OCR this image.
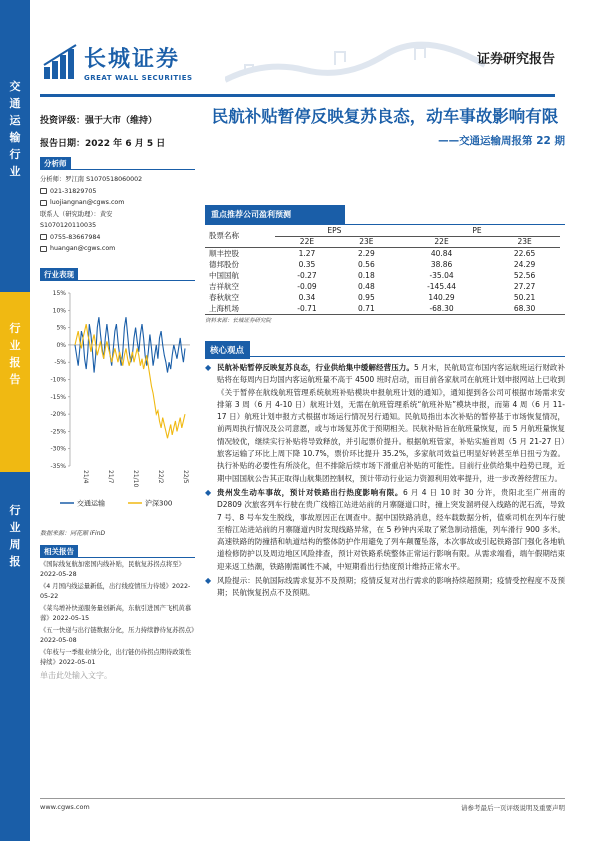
交
通
运
输
行
业
行
业
报
告
行
业
周
报
长城证券
GREAT WALL SECURITIES
证券研究报告
投资评级：强于大市（维持）
报告日期：2022 年 6 月 5 日
分析师
分析师：罗江南 S1070518060002
021-31829705
luojiangnan@cgws.com
联系人（研究助理）：黄安
S1070120110035
0755-83667984
huangan@cgws.com
行业表现
15%
10%
5%
0%
-5%
-10%
-15%
-20%
-25%
-30%
-35%
21/4	21/7	21/10	22/2	22/5
交通运输	沪深300
数据来源：同花顺 iFinD
相关报告
《国际线复航加密国内线补贴，民航复苏拐点将至》2022-05-28
《4 月国内线运量新低，出行线疫情压力待缓》2022-05-22
《菜鸟增补快递服务量创新高，东航引进国产飞机黄慕蓉》2022-05-15
《五一快递与出行链数据分化，压力持续静待复苏拐点》2022-05-08
《年枝与一季报业绩分化，出行链仍待拐点期待政策性持续》2022-05-01
单击此处输入文字。
民航补贴暂停反映复苏良态，动车事故影响有限
——交通运输周报第 22 期
重点推荐公司盈利预测
股票名称	EPS		PE	
	22E	23E	22E	23E
顺丰控股	1.27	2.29	40.84	22.65
德邦股份	0.35	0.56	38.86	24.29
中国国航	-0.27	0.18	-35.04	52.56
吉祥航空	-0.09	0.48	-145.44	27.27
春秋航空	0.34	0.95	140.29	50.21
上海机场	-0.71	0.71	-68.30	68.30
资料来源：长城证券研究院
核心观点
◆ 民航补贴暂停反映复苏良态，行业供给集中缓解经营压力。5 月末，民航局宣布国内客运航班运行财政补贴将在每周内日均国内客运航班量不高于 4500 班时启动，而目前各家航司在航班计划申报网站上已收到《关于暂停在航线航班管理系统航班补贴模块申报航班计划的通知》，通知提到各公司可根据市场需求安排第 3 周（6 月 4-10 日）航班计划，无需在航班管理系统“航班补贴”模块申报，而第 4 周（6 月 11-17 日）航班计划申报方式根据市场运行情况另行通知。民航局指出本次补贴的暂停基于市场恢复情况，前两周执行情况及公司意愿，或与市场复苏优于预期相关。民航补贴旨在航班量恢复，而 5 月航班量恢复情况较优，继续实行补贴将导致释放，并引起票价提升。根据航班管家，补贴实施首周（5 月 21-27 日）旅客运输了环比上周下降 10.7%，票价环比提升 35.2%，多家航司效益已明显好转甚至单日扭亏为盈。执行补贴的必要性有所淡化，但不排除后续市场下滑重启补贴的可能性。目前行业供给集中趋势已现，近期中国国航公告其正取得山航集团控制权，预计带动行业运力资源利用效率提升，进一步改善经营压力。
◆ 贵州发生动车事故，预计对铁路出行热度影响有限。6 月 4 日 10 时 30 分许，贵阳北至广州南的 D2809 次旅客列车行驶在贵广线榕江站进站前的月寨隧道口时，撞上突发溜坍侵入线路的泥石流，导致 7 号、8 号车发生脱线，事故原因正在调查中。据中国铁路消息，经车载数据分析，值乘司机在列车行驶至榕江站进站前的月寨隧道内时发现线路异常，在 5 秒钟内采取了紧急制动措施，列车滑行 900 多米。高速铁路的防撞措和轨道结构的整体防护作用避免了列车颠覆坠落，本次事故或引起铁路部门强化各地轨道检修防护以及周边地区风险排查，预计对铁路系统整体正常运行影响有限。从需求端看，端午假期结束迎来返工热潮，铁路刚需属性不减，中短期看出行热度预计维持正常水平。
◆ 风险提示：民航国际线需求复苏不及预期；疫情反复对出行需求的影响持续超预期；疫情受控程度不及预期；民航恢复拐点不及预期。
www.cgws.com	请参考最后一页评级说明及重要声明
